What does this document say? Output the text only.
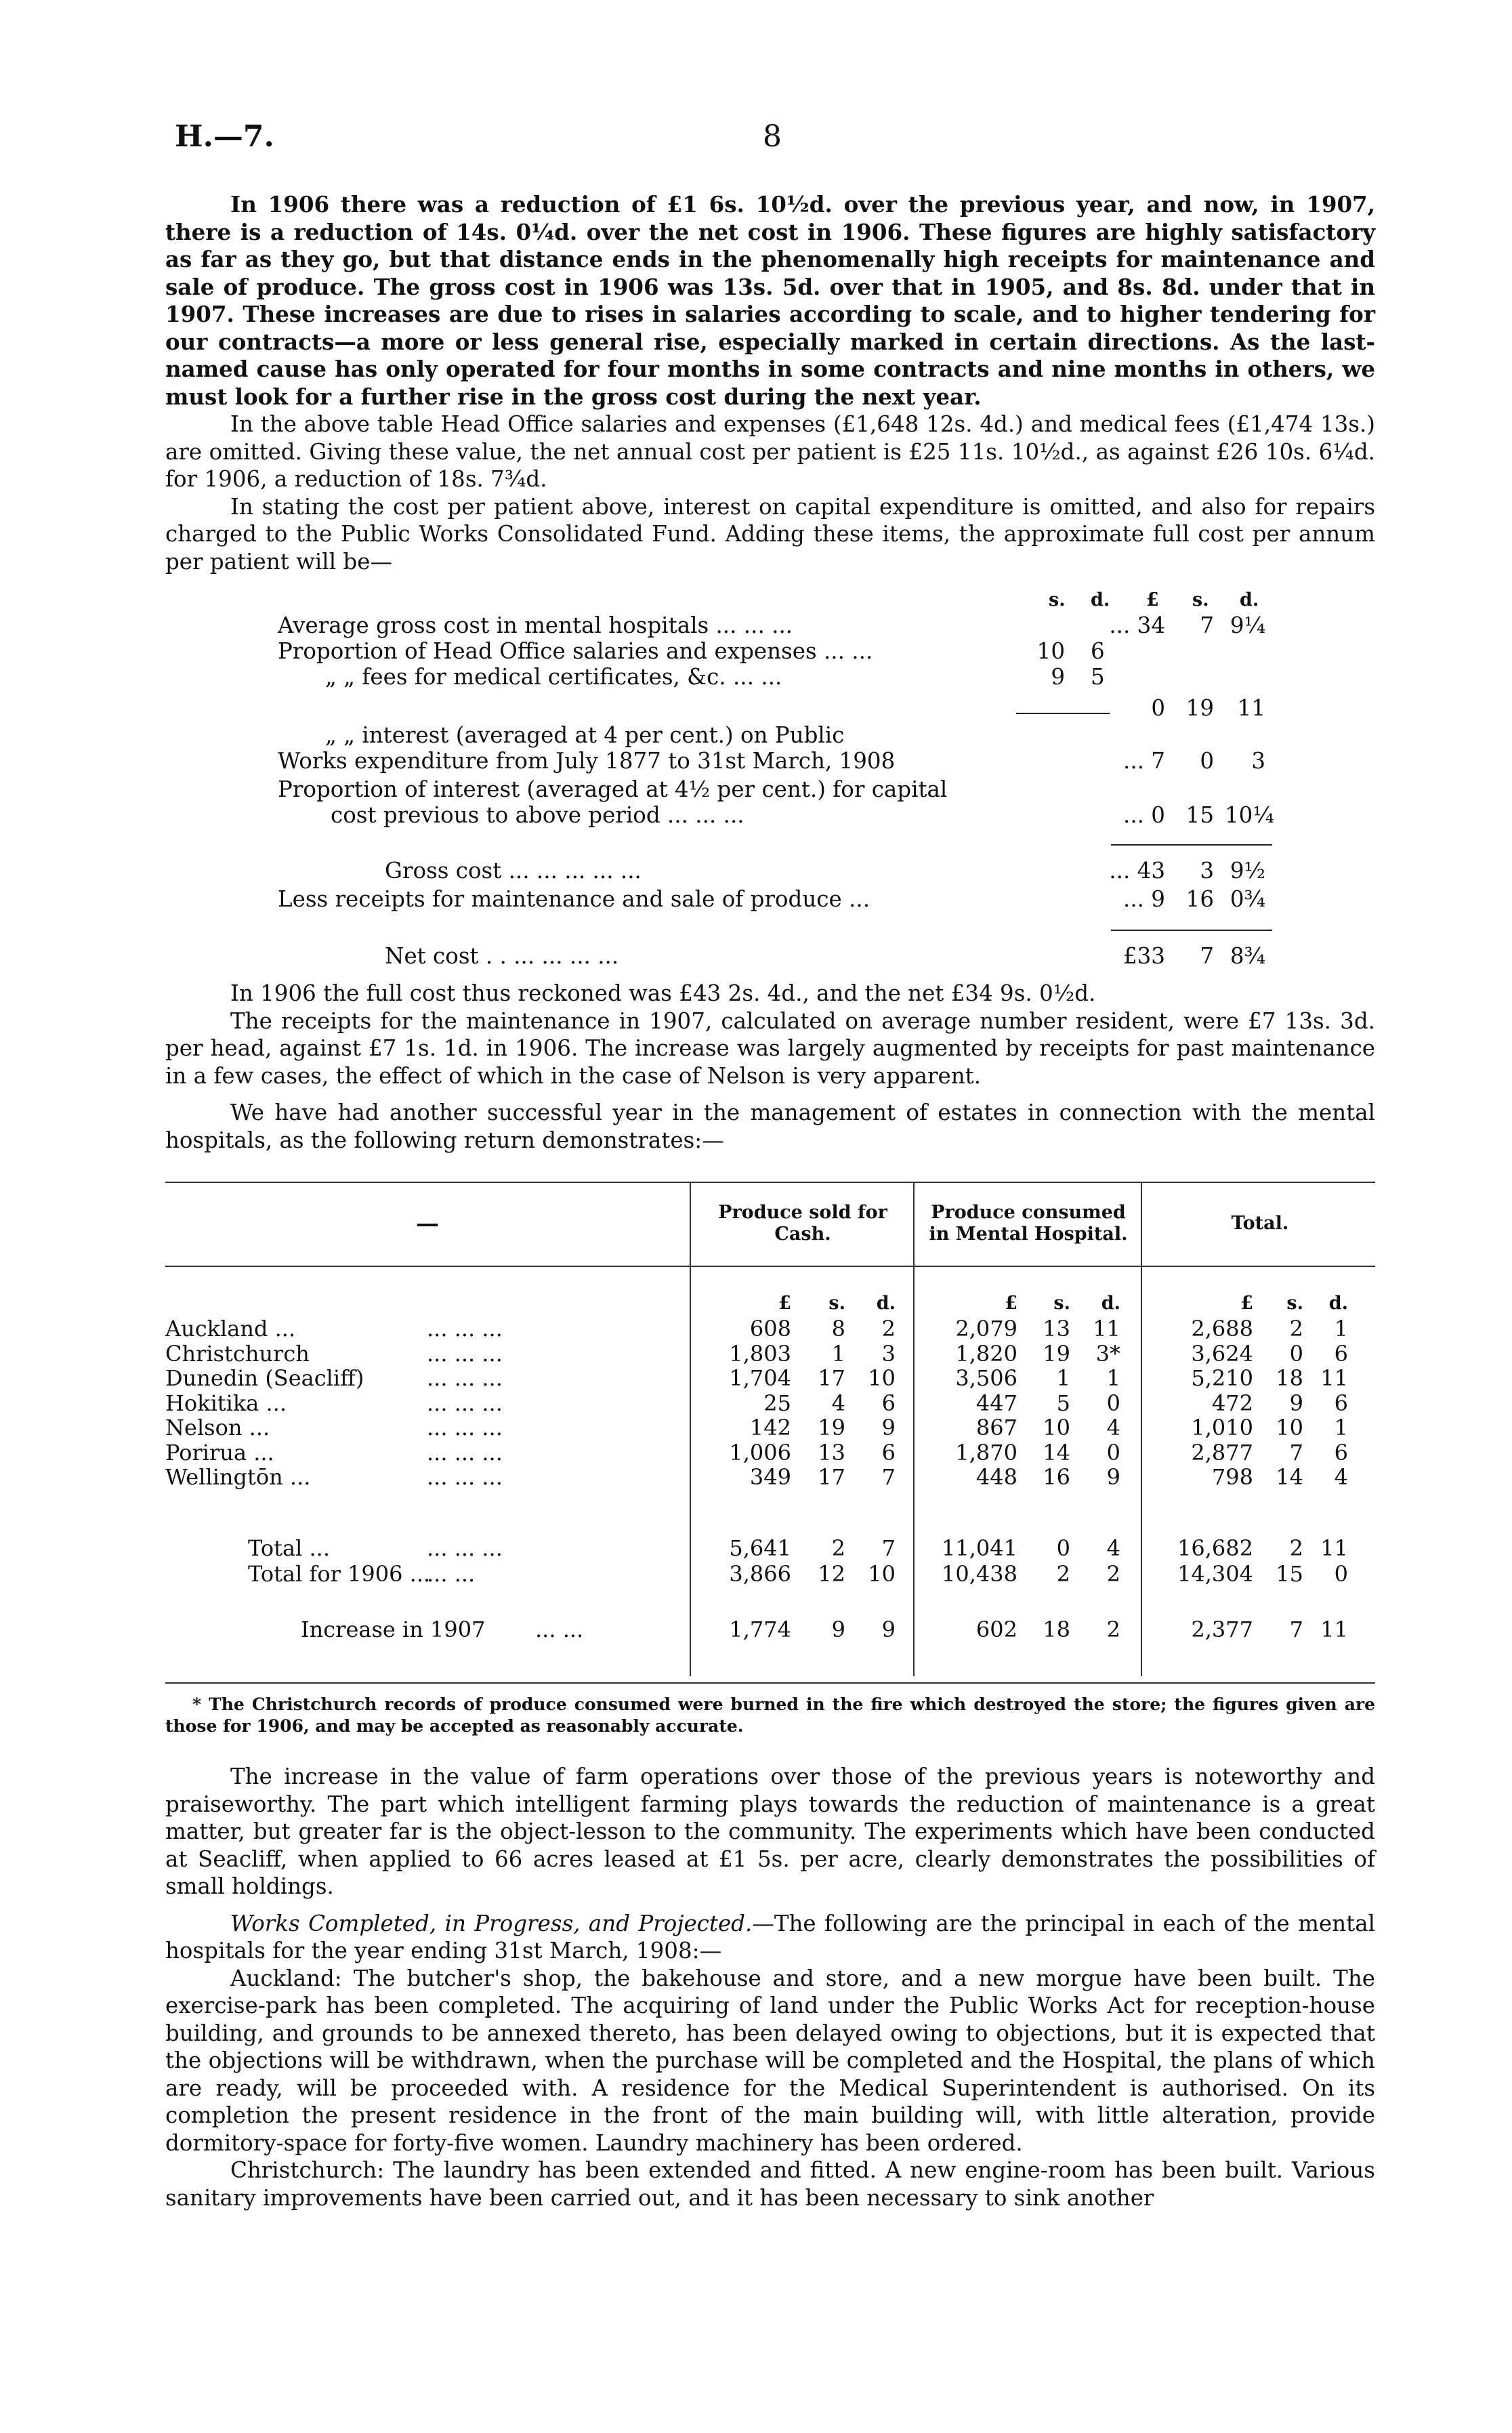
H.—7.	8

In 1906 there was a reduction of £1 6s. 10½d. over the previous year, and now, in 1907, there is a reduction of 14s. 0¼d. over the net cost in 1906. These figures are highly satisfactory as far as they go, but that distance ends in the phenomenally high receipts for maintenance and sale of produce. The gross cost in 1906 was 13s. 5d. over that in 1905, and 8s. 8d. under that in 1907. These increases are due to rises in salaries according to scale, and to higher tendering for our contracts—a more or less general rise, especially marked in certain directions. As the last-named cause has only operated for four months in some contracts and nine months in others, we must look for a further rise in the gross cost during the next year.

In the above table Head Office salaries and expenses (£1,648 12s. 4d.) and medical fees (£1,474 13s.) are omitted. Giving these value, the net annual cost per patient is £25 11s. 10½d., as against £26 10s. 6¼d. for 1906, a reduction of 18s. 7¾d.

In stating the cost per patient above, interest on capital expenditure is omitted, and also for repairs charged to the Public Works Consolidated Fund. Adding these items, the approximate full cost per annum per patient will be—

s. d. £ s. d.
Average gross cost in mental hospitals ... ... ...	... 34	7 9¼
Proportion of Head Office salaries and expenses ... ...	10 6
„ „ fees for medical certificates, &c. ... ...	9 5
0 19	11
„ „ interest (averaged at 4 per cent.) on Public
Works expenditure from July 1877 to 31st March, 1908	... 7	0	3
Proportion of interest (averaged at 4½ per cent.) for capital
cost previous to above period ... ... ...	... 0 15 10¼
Gross cost ... ... ... ... ...	... 43	3 9½
Less receipts for maintenance and sale of produce ...	... 9 16 0¾
Net cost . . ... ... ... ...	£33	7 8¾

In 1906 the full cost thus reckoned was £43 2s. 4d., and the net £34 9s. 0½d.

The receipts for the maintenance in 1907, calculated on average number resident, were £7 13s. 3d. per head, against £7 1s. 1d. in 1906. The increase was largely augmented by receipts for past maintenance in a few cases, the effect of which in the case of Nelson is very apparent.

We have had another successful year in the management of estates in connection with the mental hospitals, as the following return demonstrates:—

—	Produce sold for Cash.
Produce consumed in Mental Hospital.
Total.
£	s.	d.	£	s.	d.	£	s.	d.
Auckland ...	... ... ...	608	8	2	2,079	13	11	2,688	2	1
Christchurch	... ... ...	1,803	1	3	1,820	19	3*	3,624	0	6
Dunedin (Seacliff)	... ... ...	1,704	17	10	3,506	1	1	5,210	18 11
Hokitika ...	... ... ...	25	4	6	447	5	0	472	9	6
Nelson ...	... ... ...	142	19	9	867	10	4	1,010	10	1
Porirua ...	... ... ...	1,006	13	6	1,870	14	0	2,877	7	6
Wellingtōn ...	... ... ...	349	17	7	448	16	9	798	14	4
Total ...	... ... ...	5,641	2	7	11,041	0	4	16,682	2 11
Total for 1906 ...
... ...	3,866	12	10	10,438	2	2	14,304	15	0
Increase in 1907 ... ...	1,774	9	9	602	18	2	2,377	7 11
* The Christchurch records of produce consumed were burned in the fire which destroyed the store; the figures given are those for 1906, and may be accepted as reasonably accurate.

The increase in the value of farm operations over those of the previous years is noteworthy and praiseworthy. The part which intelligent farming plays towards the reduction of maintenance is a great matter, but greater far is the object-lesson to the community. The experiments which have been conducted at Seacliff, when applied to 66 acres leased at £1 5s. per acre, clearly demonstrates the possibilities of small holdings.

Works Completed, in Progress, and Projected.—The following are the principal in each of the mental hospitals for the year ending 31st March, 1908:—

Auckland: The butcher's shop, the bakehouse and store, and a new morgue have been built. The exercise-park has been completed. The acquiring of land under the Public Works Act for reception-house building, and grounds to be annexed thereto, has been delayed owing to objections, but it is expected that the objections will be withdrawn, when the purchase will be completed and the Hospital, the plans of which are ready, will be proceeded with. A residence for the Medical Superintendent is authorised. On its completion the present residence in the front of the main building will, with little alteration, provide dormitory-space for forty-five women. Laundry machinery has been ordered.

Christchurch: The laundry has been extended and fitted. A new engine-room has been built. Various sanitary improvements have been carried out, and it has been necessary to sink another
